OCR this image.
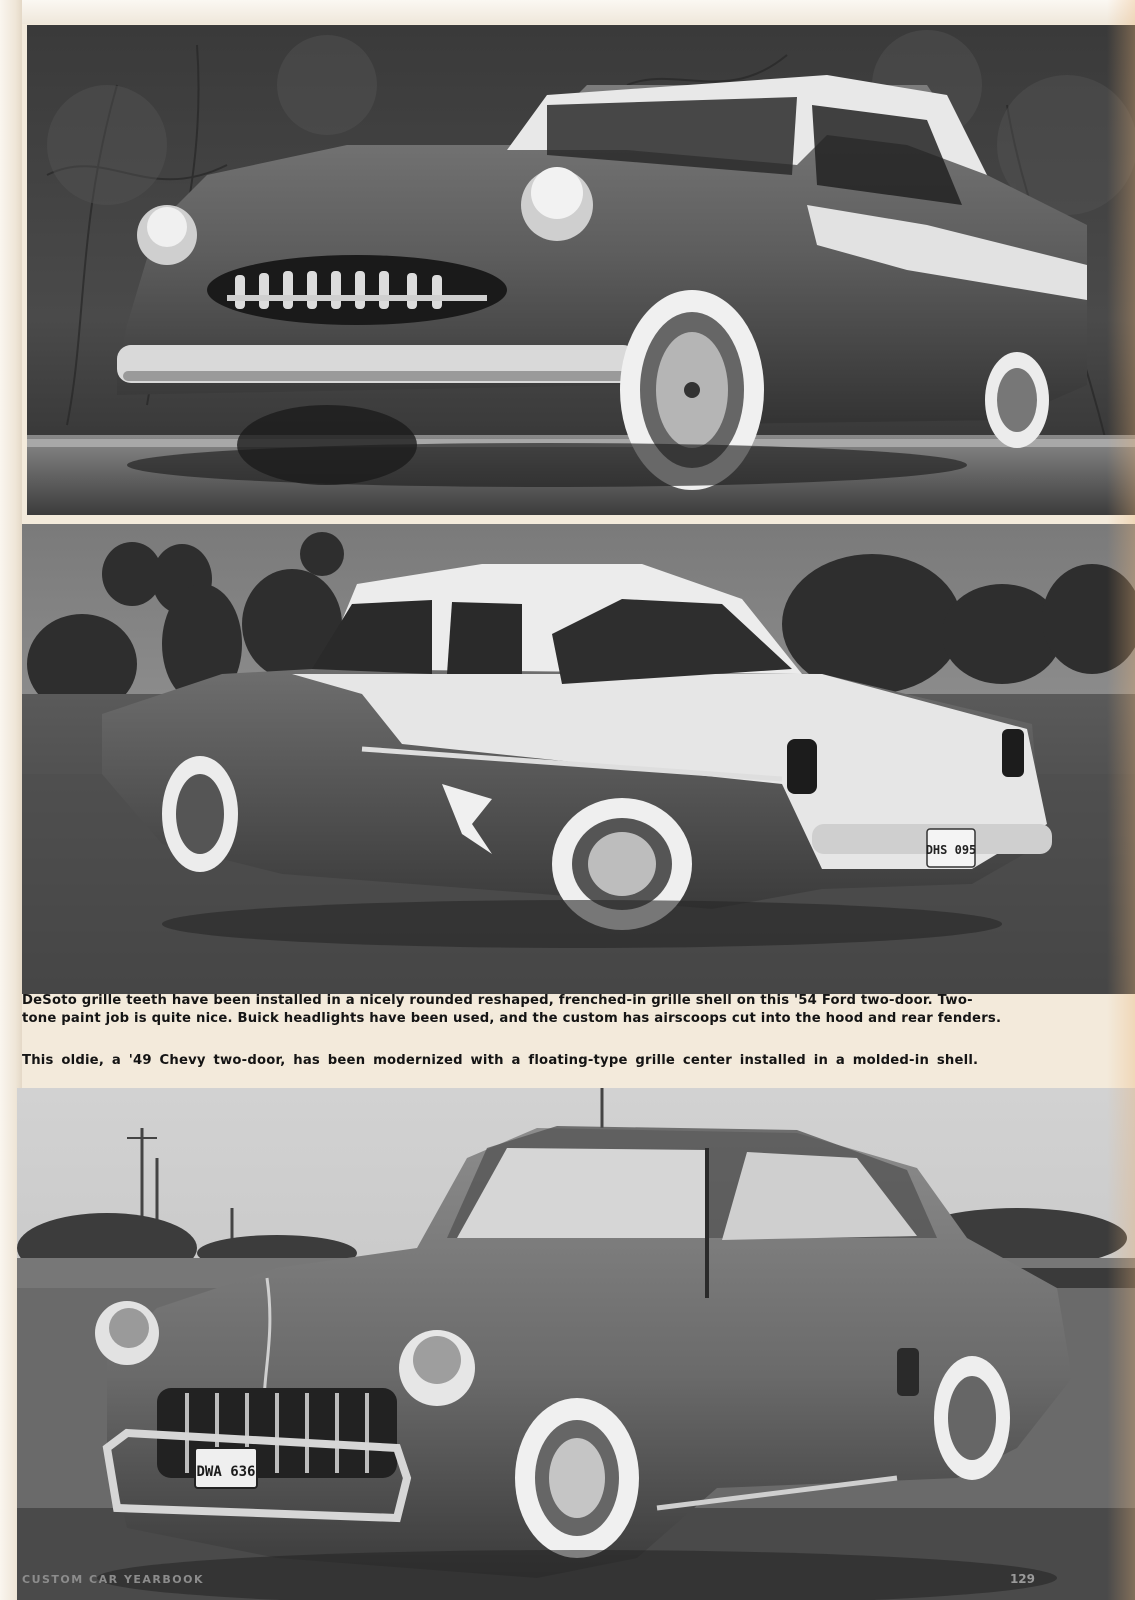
DHS 095

DeSoto grille teeth have been installed in a nicely rounded reshaped, frenched-in grille shell on this '54 Ford two-door. Two-
tone paint job is quite nice. Buick headlights have been used, and the custom has airscoops cut into the hood and rear fenders.

This oldie, a '49 Chevy two-door, has been modernized with a floating-type grille center installed in a molded-in shell.

DWA 636
CUSTOM CAR YEARBOOK	129
